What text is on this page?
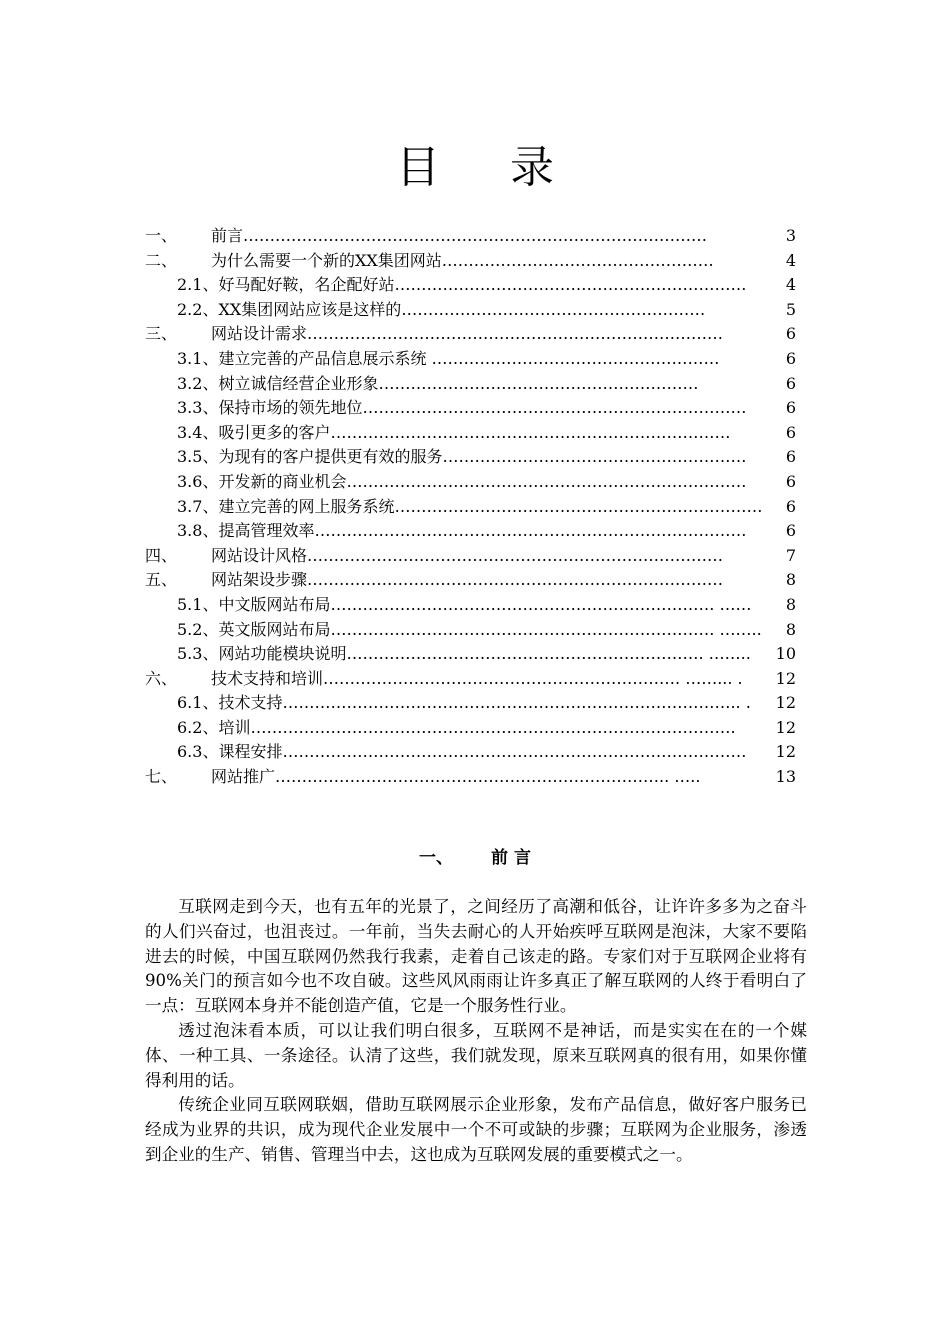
目 录
一、 前言……………………………………………………………………………	3
二、 为什么需要一个新的XX集团网站……………………………………………	4
2.1、好马配好鞍，名企配好站………………………………………………………… 4
2.2、XX集团网站应该是这样的…………………………………………………	5
三、 网站设计需求……………………………………………………………………	6
3.1、建立完善的产品信息展示系统 ………………………………………………	6
3.2、树立诚信经营企业形象……………………………………………………	6
3.3、保持市场的领先地位……………………………………………………………… 6
3.4、吸引更多的客户…………………………………………………………………	6
3.5、为现有的客户提供更有效的服务………………………………………………… 6
3.6、开发新的商业机会………………………………………………………………… 6
3.7、建立完善的网上服务系统…………………………………………………………… 6
3.8、提高管理效率……………………………………………………………………… 6
四、 网站设计风格……………………………………………………………………	7
五、 网站架设步骤……………………………………………………………………	8
5.1、中文版网站布局……………………………………………………………… …… 8
5.2、英文版网站布局……………………………………………………………… …….. 8
5.3、网站功能模块说明…………………………………………………………. …….. 10
六、 技术支持和培训…………………………………………………………. ……... . 12
6.1、技术支持………………………………………………………………………….. . 12
6.2、培训……………………………………………………………………………….	12
6.3、课程安排…………………………………………………………………………… 12
七、 网站推广……………………………………………………………….. …..	13
一、 前 言

互联网走到今天，也有五年的光景了，之间经历了高潮和低谷，让许许多多为之奋斗的人们兴奋过，也沮丧过。一年前，当失去耐心的人开始疾呼互联网是泡沫，大家不要陷进去的时候，中国互联网仍然我行我素，走着自己该走的路。专家们对于互联网企业将有90%关门的预言如今也不攻自破。这些风风雨雨让许多真正了解互联网的人终于看明白了一点：互联网本身并不能创造产值，它是一个服务性行业。

透过泡沫看本质，可以让我们明白很多，互联网不是神话，而是实实在在的一个媒体、一种工具、一条途径。认清了这些，我们就发现，原来互联网真的很有用，如果你懂得利用的话。

传统企业同互联网联姻，借助互联网展示企业形象，发布产品信息，做好客户服务已经成为业界的共识，成为现代企业发展中一个不可或缺的步骤；互联网为企业服务，渗透到企业的生产、销售、管理当中去，这也成为互联网发展的重要模式之一。
